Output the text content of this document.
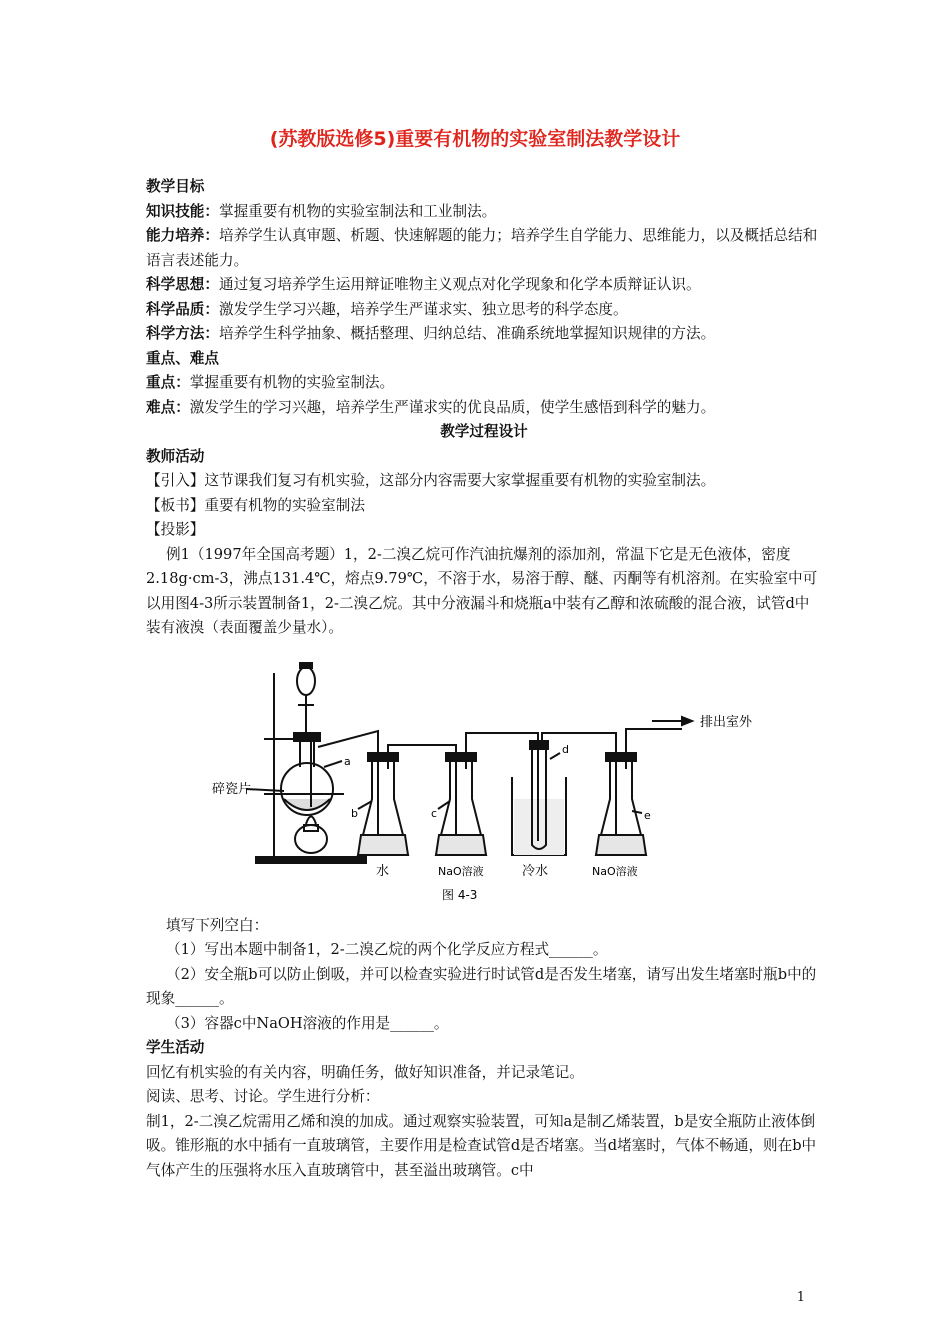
(苏教版选修5)重要有机物的实验室制法教学设计

教学目标

知识技能：掌握重要有机物的实验室制法和工业制法。

能力培养：培养学生认真审题、析题、快速解题的能力；培养学生自学能力、思维能力，以及概括总结和语言表述能力。

科学思想：通过复习培养学生运用辩证唯物主义观点对化学现象和化学本质辩证认识。

科学品质：激发学生学习兴趣，培养学生严谨求实、独立思考的科学态度。

科学方法：培养学生科学抽象、概括整理、归纳总结、准确系统地掌握知识规律的方法。

重点、难点

重点：掌握重要有机物的实验室制法。

难点：激发学生的学习兴趣，培养学生严谨求实的优良品质，使学生感悟到科学的魅力。

教学过程设计

教师活动

【引入】这节课我们复习有机实验，这部分内容需要大家掌握重要有机物的实验室制法。

【板书】重要有机物的实验室制法

【投影】

例1（1997年全国高考题）1，2-二溴乙烷可作汽油抗爆剂的添加剂，常温下它是无色液体，密度2.18g·cm-3，沸点131.4℃，熔点9.79℃，不溶于水，易溶于醇、醚、丙酮等有机溶剂。在实验室中可以用图4-3所示装置制备1，2-二溴乙烷。其中分液漏斗和烧瓶a中装有乙醇和浓硫酸的混合液，试管d中装有液溴（表面覆盖少量水）。

碎瓷片
a
b	c
d
e
排出室外
水	NaO溶液	冷水	NaO溶液
图 4-3

填写下列空白：

（1）写出本题中制备1，2-二溴乙烷的两个化学反应方程式______。

（2）安全瓶b可以防止倒吸，并可以检查实验进行时试管d是否发生堵塞，请写出发生堵塞时瓶b中的现象______。

（3）容器c中NaOH溶液的作用是______。

学生活动

回忆有机实验的有关内容，明确任务，做好知识准备，并记录笔记。

阅读、思考、讨论。学生进行分析：

制1，2-二溴乙烷需用乙烯和溴的加成。通过观察实验装置，可知a是制乙烯装置，b是安全瓶防止液体倒吸。锥形瓶的水中插有一直玻璃管，主要作用是检查试管d是否堵塞。当d堵塞时，气体不畅通，则在b中气体产生的压强将水压入直玻璃管中，甚至溢出玻璃管。c中

1
